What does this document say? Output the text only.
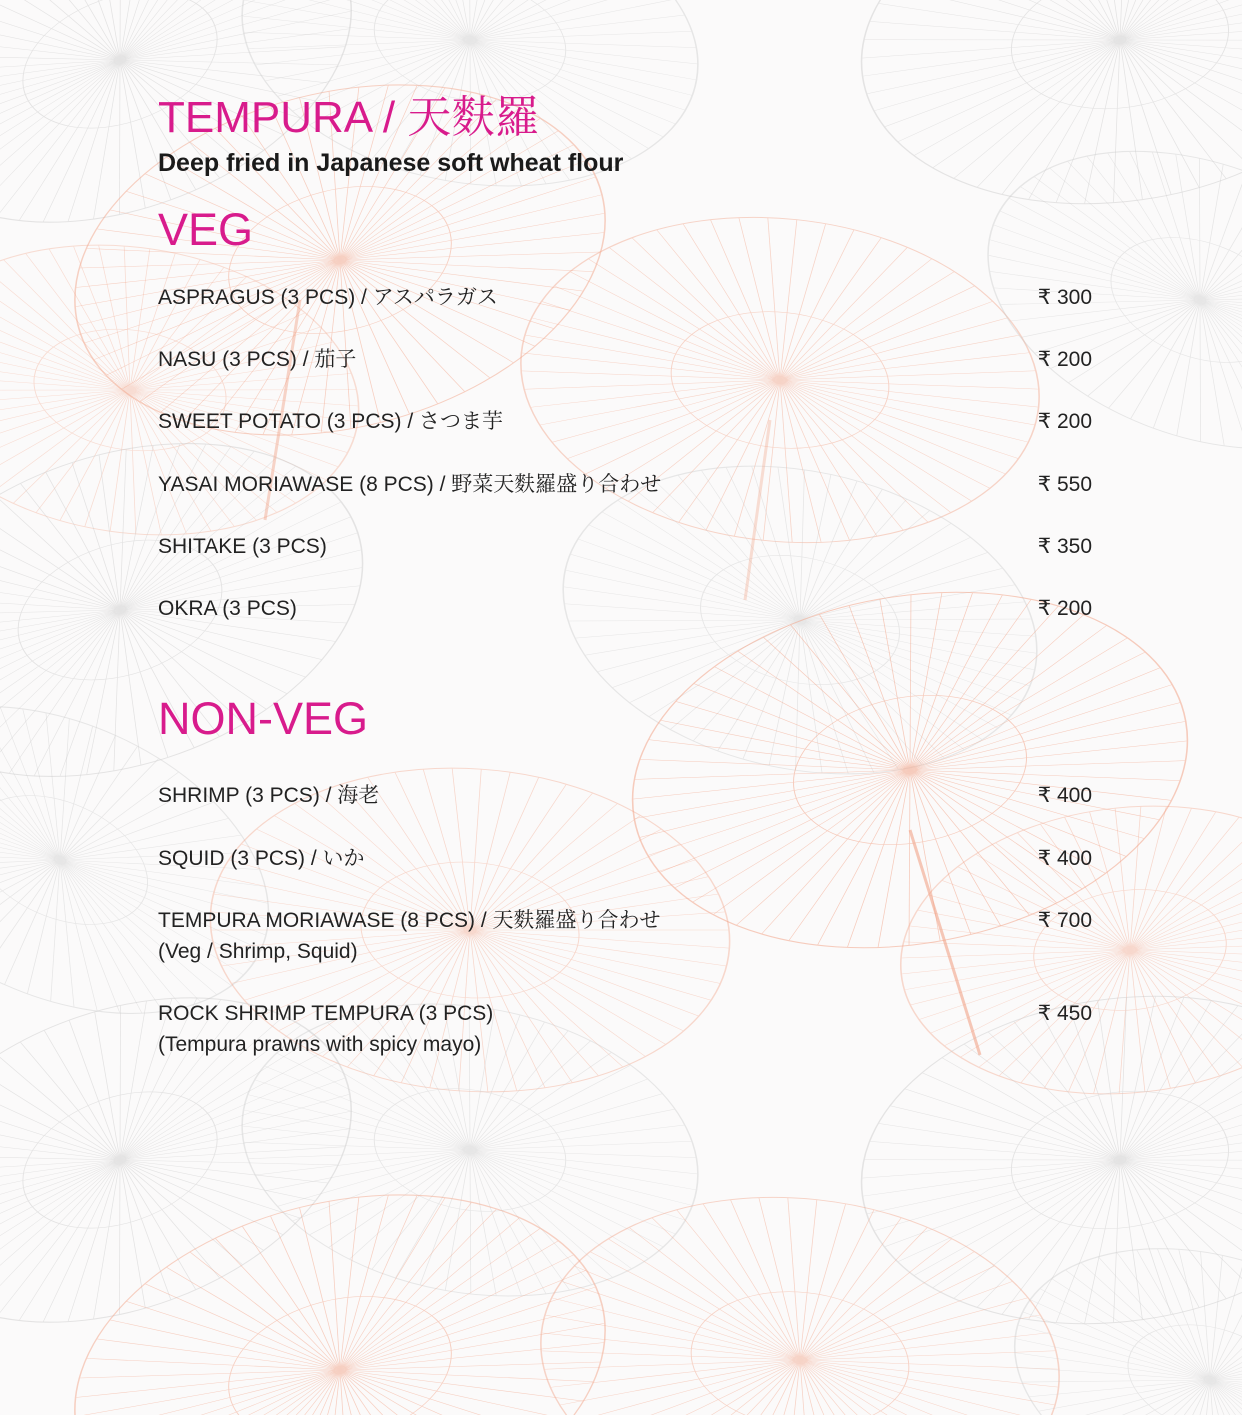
TEMPURA / 天麩羅
Deep fried in Japanese soft wheat flour
VEG
ASPRAGUS (3 PCS) / アスパラガス	₹ 300
NASU (3 PCS) / 茄子	₹ 200
SWEET POTATO (3 PCS) / さつま芋	₹ 200
YASAI MORIAWASE (8 PCS) / 野菜天麩羅盛り合わせ	₹ 550
SHITAKE (3 PCS)	₹ 350
OKRA (3 PCS)	₹ 200
NON-VEG
SHRIMP (3 PCS) / 海老	₹ 400
SQUID (3 PCS) / いか	₹ 400
TEMPURA MORIAWASE (8 PCS) / 天麩羅盛り合わせ
(Veg / Shrimp, Squid)
₹ 700
ROCK SHRIMP TEMPURA (3 PCS)
(Tempura prawns with spicy mayo)
₹ 450
